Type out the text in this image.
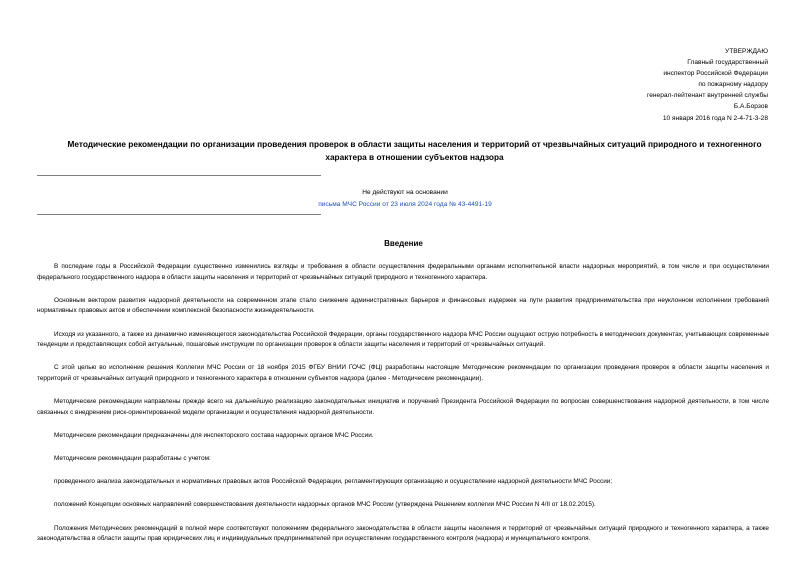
УТВЕРЖДАЮ
Главный государственный
инспектор Российской Федерации
по пожарному надзору
генерал-лейтенант внутренней службы
Б.А.Борзов
10 января 2016 года N 2-4-71-3-28
Методические рекомендации по организации проведения проверок в области защиты населения и территорий от чрезвычайных ситуаций природного и техногенного характера в отношении субъектов надзора
Не действуют на основании
письма МЧС России от 23 июля 2024 года № 43-4491-19
Введение

В последние годы в Российской Федерации существенно изменились взгляды и требования в области осуществления федеральными органами исполнительной власти надзорных мероприятий, в том числе и при осуществлении федерального государственного надзора в области защиты населения и территорий от чрезвычайных ситуаций природного и техногенного характера.

Основным вектором развития надзорной деятельности на современном этапе стало снижение административных барьеров и финансовых издержек на пути развития предпринимательства при неуклонном исполнении требований нормативных правовых актов и обеспечении комплексной безопасности жизнедеятельности.

Исходя из указанного, а также из динамично изменяющегося законодательства Российской Федерации, органы государственного надзора МЧС России ощущают острую потребность в методических документах, учитывающих современные тенденции и представляющих собой актуальные, пошаговые инструкции по организации проверок в области защиты населения и территорий от чрезвычайных ситуаций.

С этой целью во исполнение решения Коллегии МЧС России от 18 ноября 2015 ФГБУ ВНИИ ГОЧС (ФЦ) разработаны настоящие Методические рекомендации по организации проведения проверок в области защиты населения и территорий от чрезвычайных ситуаций природного и техногенного характера в отношении субъектов надзора (далее - Методические рекомендации).

Методические рекомендации направлены прежде всего на дальнейшую реализацию законодательных инициатив и поручений Президента Российской Федерации по вопросам совершенствования надзорной деятельности, в том числе связанных с внедрением риск-ориентированной модели организации и осуществления надзорной деятельности.

Методические рекомендации предназначены для инспекторского состава надзорных органов МЧС России.

Методические рекомендации разработаны с учетом:

проведенного анализа законодательных и нормативных правовых актов Российской Федерации, регламентирующих организацию и осуществление надзорной деятельности МЧС России;

положений Концепции основных направлений совершенствования деятельности надзорных органов МЧС России (утверждена Решением коллегии МЧС России N 4/II от 18.02.2015).

Положения Методических рекомендаций в полной мере соответствуют положениям федерального законодательства в области защиты населения и территорий от чрезвычайных ситуаций природного и техногенного характера, а также законодательства в области защиты прав юридических лиц и индивидуальных предпринимателей при осуществлении государственного контроля (надзора) и муниципального контроля.
